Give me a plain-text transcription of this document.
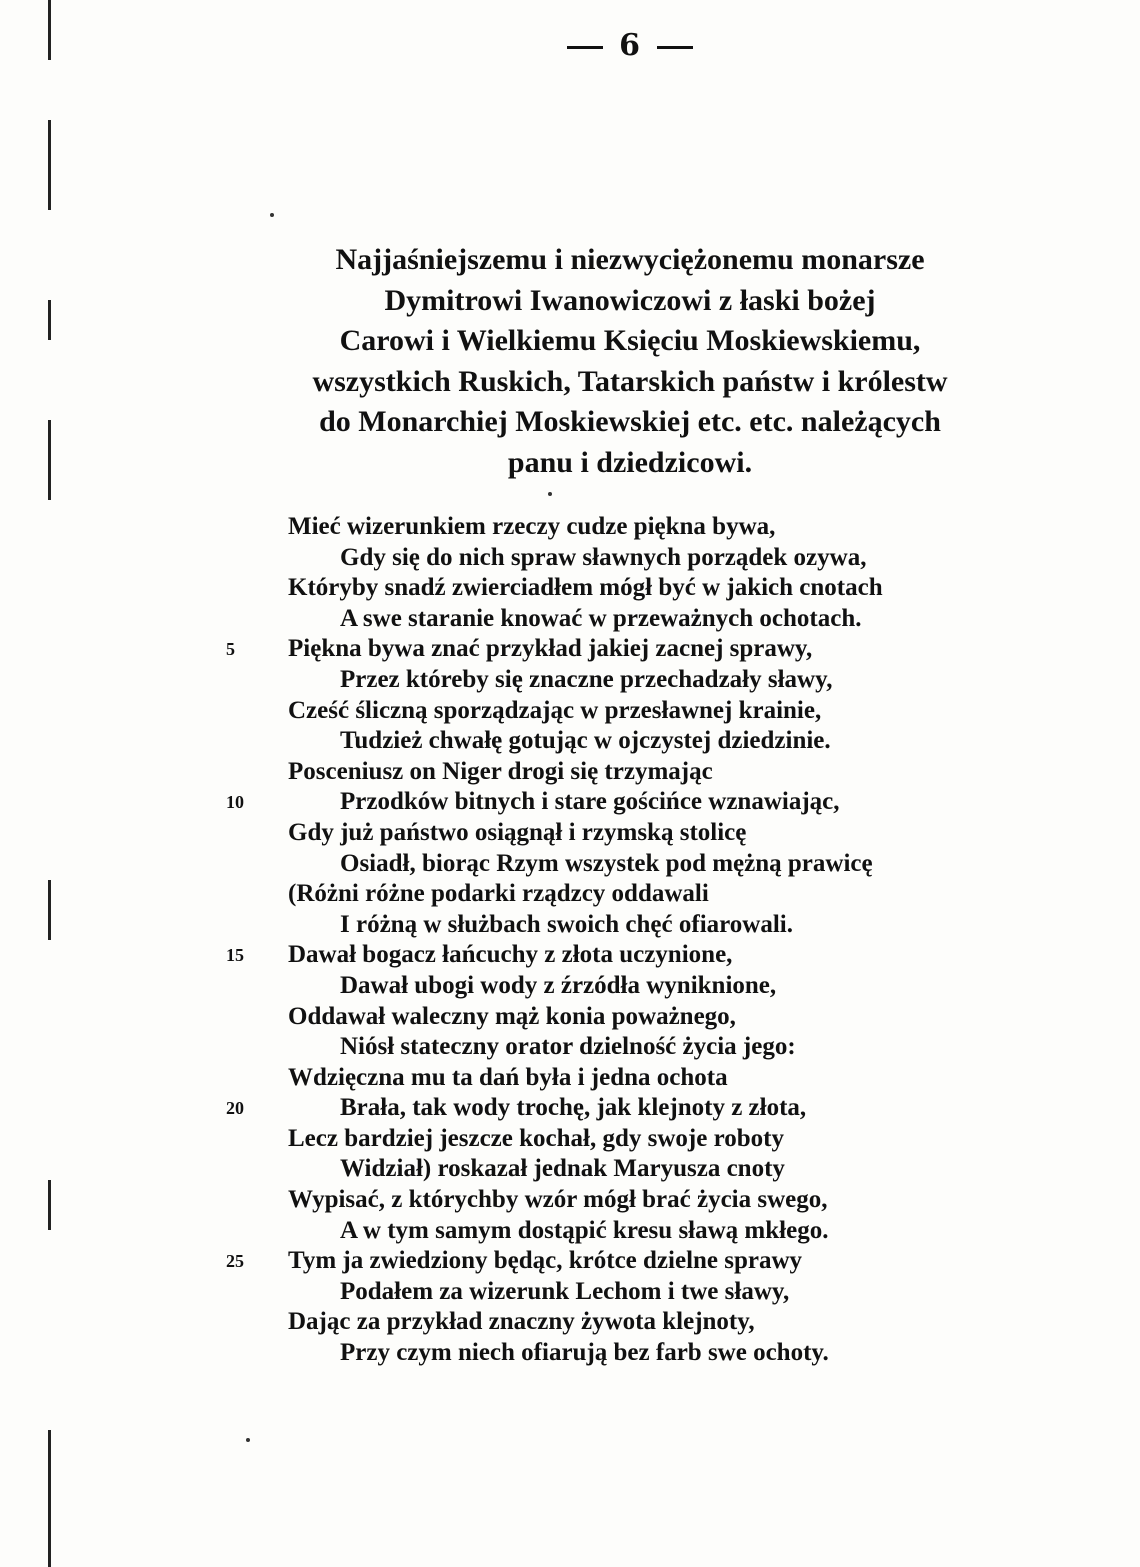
6
Najjaśniejszemu i niezwyciężonemu monarsze
Dymitrowi Iwanowiczowi z łaski bożej
Carowi i Wielkiemu Księciu Moskiewskiemu,
wszystkich Ruskich, Tatarskich państw i królestw
do Monarchiej Moskiewskiej etc. etc. należących
panu i dziedzicowi.
Mieć wizerunkiem rzeczy cudze piękna bywa,
Gdy się do nich spraw sławnych porządek ozywa,
Któryby snadź zwierciadłem mógł być w jakich cnotach
A swe staranie knować w przeważnych ochotach.
5	Piękna bywa znać przykład jakiej zacnej sprawy,
Przez któreby się znaczne przechadzały sławy,
Cześć śliczną sporządzając w przesławnej krainie,
Tudzież chwałę gotując w ojczystej dziedzinie.
Posceniusz on Niger drogi się trzymając
10	Przodków bitnych i stare gościńce wznawiając,
Gdy już państwo osiągnął i rzymską stolicę
Osiadł, biorąc Rzym wszystek pod mężną prawicę
(Różni różne podarki rządzcy oddawali
I różną w służbach swoich chęć ofiarowali.
15	Dawał bogacz łańcuchy z złota uczynione,
Dawał ubogi wody z źrzódła wyniknione,
Oddawał waleczny mąż konia poważnego,
Niósł stateczny orator dzielność życia jego:
Wdzięczna mu ta dań była i jedna ochota
20	Brała, tak wody trochę, jak klejnoty z złota,
Lecz bardziej jeszcze kochał, gdy swoje roboty
Widział) roskazał jednak Maryusza cnoty
Wypisać, z którychby wzór mógł brać życia swego,
A w tym samym dostąpić kresu sławą mkłego.
25	Tym ja zwiedziony będąc, krótce dzielne sprawy
Podałem za wizerunk Lechom i twe sławy,
Dając za przykład znaczny żywota klejnoty,
Przy czym niech ofiarują bez farb swe ochoty.
